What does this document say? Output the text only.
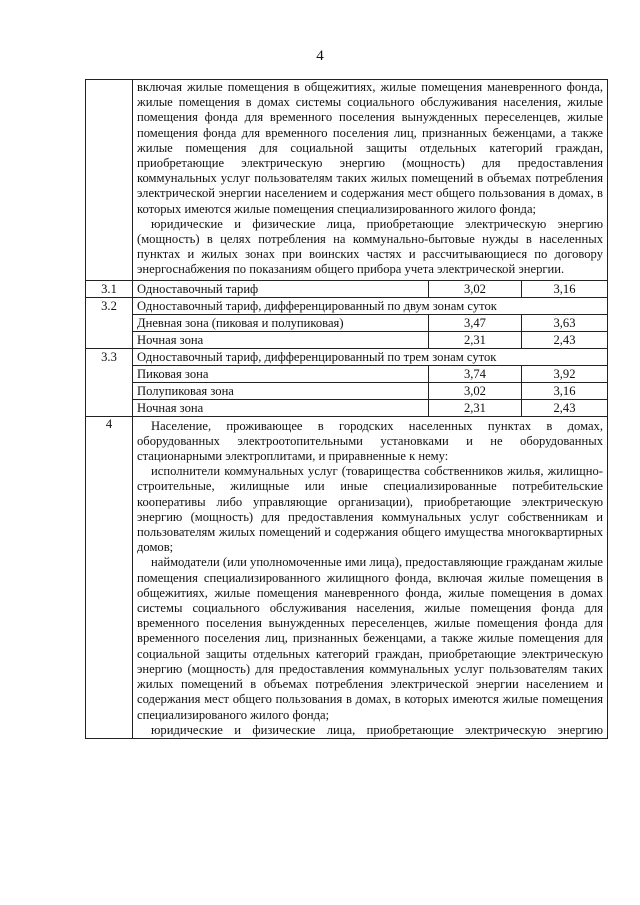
4

	включая жилые помещения в общежитиях, жилые помещения маневренного фонда, жилые помещения в домах системы социального обслуживания населения, жилые помещения фонда для временного поселения вынужденных переселенцев, жилые помещения фонда для временного поселения лиц, признанных беженцами, а также жилые помещения для социальной защиты отдельных категорий граждан, приобретающие электрическую энергию (мощность) для предоставления коммунальных услуг пользователям таких жилых помещений в объемах потребления электрической энергии населением и содержания мест общего пользования в домах, в которых имеются жилые помещения специализированного жилого фонда;

юридические и физические лица, приобретающие электрическую энергию (мощность) в целях потребления на коммунально-бытовые нужды в населенных пунктах и жилых зонах при воинских частях и рассчитывающиеся по договору энергоснабжения по показаниям общего прибора учета электрической энергии.		

3.1	Одноставочный тариф	3,02	3,16
3.2	Одноставочный тариф, дифференцированный по двум зонам суток		
	Дневная зона (пиковая и полупиковая)	3,47	3,63
	Ночная зона	2,31	2,43
3.3	Одноставочный тариф, дифференцированный по трем зонам суток		
	Пиковая зона	3,74	3,92
	Полупиковая зона	3,02	3,16
	Ночная зона	2,31	2,43
4	Население, проживающее в городских населенных пунктах в домах, оборудованных электроотопительными установками и не оборудованных стационарными электроплитами, и приравненные к нему:

исполнители коммунальных услуг (товарищества собственников жилья, жилищно-строительные, жилищные или иные специализированные потребительские кооперативы либо управляющие организации), приобретающие электрическую энергию (мощность) для предоставления коммунальных услуг собственникам и пользователям жилых помещений и содержания общего имущества многоквартирных домов;

наймодатели (или уполномоченные ими лица), предоставляющие гражданам жилые помещения специализированного жилищного фонда, включая жилые помещения в общежитиях, жилые помещения маневренного фонда, жилые помещения в домах системы социального обслуживания населения, жилые помещения фонда для временного поселения вынужденных переселенцев, жилые помещения фонда для временного поселения лиц, признанных беженцами, а также жилые помещения для социальной защиты отдельных категорий граждан, приобретающие электрическую энергию (мощность) для предоставления коммунальных услуг пользователям таких жилых помещений в объемах потребления электрической энергии населением и содержания мест общего пользования в домах, в которых имеются жилые помещения специализированого жилого фонда;

юридические и физические лица, приобретающие электрическую энергию		
